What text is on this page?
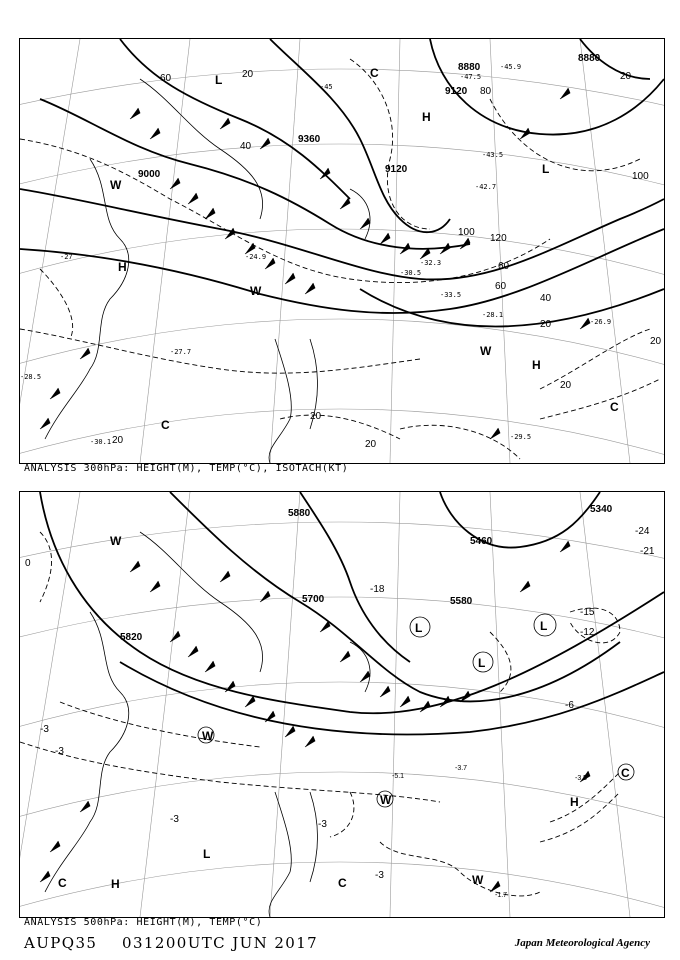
-45
-47.5
-45.9
-43.5
-42.7
-30.5
-28.1
-26.9
-27	-24.9
-27.7
-28.5
-29.5
-30.1
-32.3
-33.5
9360
9120
8880
8880
9120
9000
20
40
60
80
100
120
20
60
100
20
20
20
20
20
20
40
60
H
H
H
L
L
C
C
C
W
W
W
ANALYSIS 300hPa: HEIGHT(M), TEMP(°C), ISOTACH(KT)
5700	5580
5460
5340
5820
5880
-24
-21
-18
-15
-12
-6
-3
0
-3
-3	-3
-3
-5.1
-3.7
-3.5
-1.7
L
L
L
L
H
H
C	C
C
W
W
W
W
ANALYSIS 500hPa: HEIGHT(M), TEMP(°C)
AUPQ35 031200UTC JUN 2017	Japan Meteorological Agency
